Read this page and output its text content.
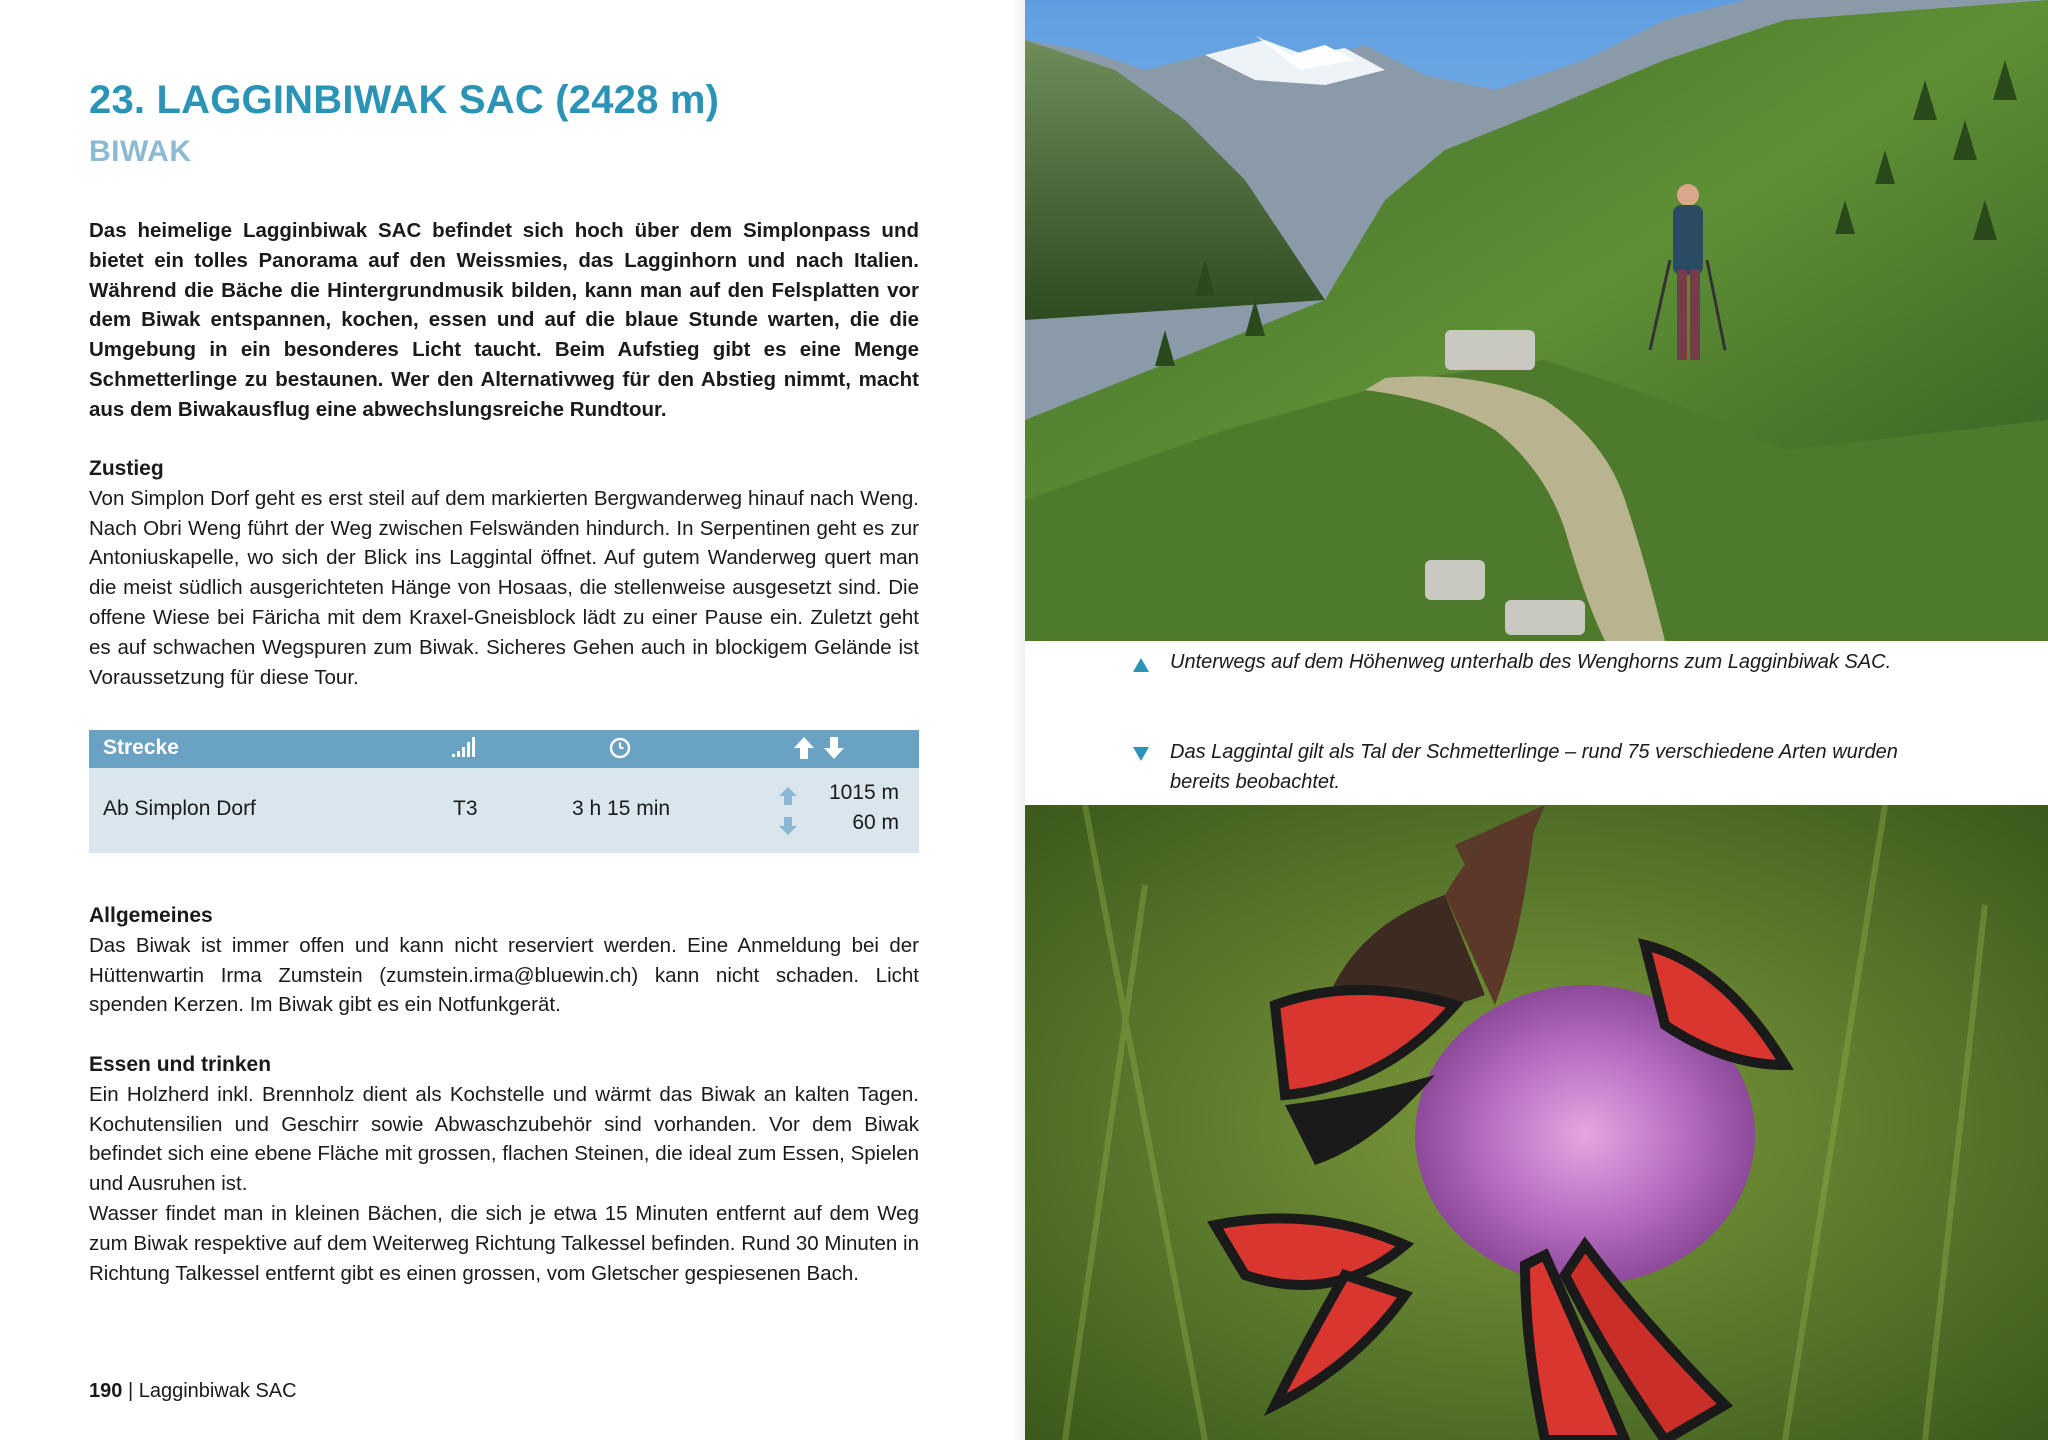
23. LAGGINBIWAK SAC (2428 m)
BIWAK

Das heimelige Lagginbiwak SAC befindet sich hoch über dem Simplonpass und bietet ein tolles Panorama auf den Weissmies, das Lagginhorn und nach Italien. Während die Bäche die Hintergrundmusik bilden, kann man auf den Felsplatten vor dem Biwak entspannen, kochen, essen und auf die blaue Stunde warten, die die Umgebung in ein besonderes Licht taucht. Beim Aufstieg gibt es eine Menge Schmetterlinge zu bestaunen. Wer den Alternativweg für den Abstieg nimmt, macht aus dem Biwakausflug eine abwechslungsreiche Rundtour.

Zustieg

Von Simplon Dorf geht es erst steil auf dem markierten Bergwanderweg hinauf nach Weng. Nach Obri Weng führt der Weg zwischen Felswänden hindurch. In Serpentinen geht es zur Antoniuskapelle, wo sich der Blick ins Laggintal öffnet. Auf gutem Wanderweg quert man die meist südlich ausgerichteten Hänge von Hosaas, die stellenweise ausgesetzt sind. Die offene Wiese bei Färicha mit dem Kraxel-Gneisblock lädt zu einer Pause ein. Zuletzt geht es auf schwachen Wegspuren zum Biwak. Sicheres Gehen auch in blockigem Gelände ist Voraussetzung für diese Tour.

Strecke
Ab Simplon Dorf	T3	3 h 15 min
1015 m
60 m
Allgemeines

Das Biwak ist immer offen und kann nicht reserviert werden. Eine Anmeldung bei der Hüttenwartin Irma Zumstein (zumstein.irma@bluewin.ch) kann nicht schaden. Licht spenden Kerzen. Im Biwak gibt es ein Notfunkgerät.

Essen und trinken

Ein Holzherd inkl. Brennholz dient als Kochstelle und wärmt das Biwak an kalten Tagen. Kochutensilien und Geschirr sowie Abwaschzubehör sind vorhanden. Vor dem Biwak befindet sich eine ebene Fläche mit grossen, flachen Steinen, die ideal zum Essen, Spielen und Ausruhen ist.

Wasser findet man in kleinen Bächen, die sich je etwa 15 Minuten entfernt auf dem Weg zum Biwak respektive auf dem Weiterweg Richtung Talkessel befinden. Rund 30 Minuten in Richtung Talkessel entfernt gibt es einen grossen, vom Gletscher gespiesenen Bach.

190 | Lagginbiwak SAC
Unterwegs auf dem Höhenweg unterhalb des Wenghorns zum Lagginbiwak SAC.
Das Laggintal gilt als Tal der Schmetterlinge – rund 75 verschiedene Arten wurden bereits beobachtet.
